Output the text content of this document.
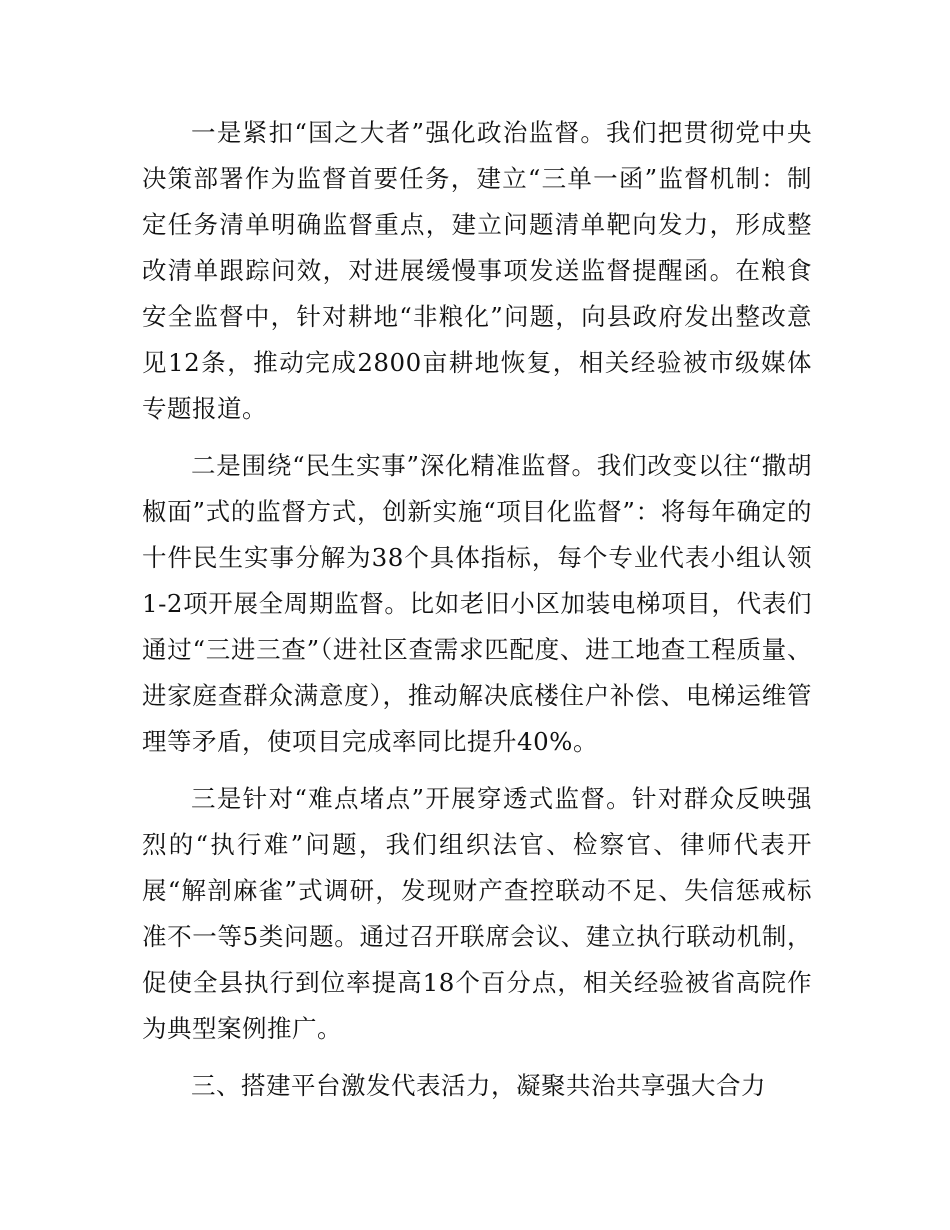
一是紧扣“国之大者”强化政治监督。我们把贯彻党中央决策部署作为监督首要任务，建立“三单一函”监督机制：制定任务清单明确监督重点，建立问题清单靶向发力，形成整改清单跟踪问效，对进展缓慢事项发送监督提醒函。在粮食安全监督中，针对耕地“非粮化”问题，向县政府发出整改意见12条，推动完成2800亩耕地恢复，相关经验被市级媒体专题报道。

二是围绕“民生实事”深化精准监督。我们改变以往“撒胡椒面”式的监督方式，创新实施“项目化监督”：将每年确定的十件民生实事分解为38个具体指标，每个专业代表小组认领1-2项开展全周期监督。比如老旧小区加装电梯项目，代表们通过“三进三查”（进社区查需求匹配度、进工地查工程质量、进家庭查群众满意度），推动解决底楼住户补偿、电梯运维管理等矛盾，使项目完成率同比提升40%。

三是针对“难点堵点”开展穿透式监督。针对群众反映强烈的“执行难”问题，我们组织法官、检察官、律师代表开展“解剖麻雀”式调研，发现财产查控联动不足、失信惩戒标准不一等5类问题。通过召开联席会议、建立执行联动机制，促使全县执行到位率提高18个百分点，相关经验被省高院作为典型案例推广。

三、搭建平台激发代表活力，凝聚共治共享强大合力
